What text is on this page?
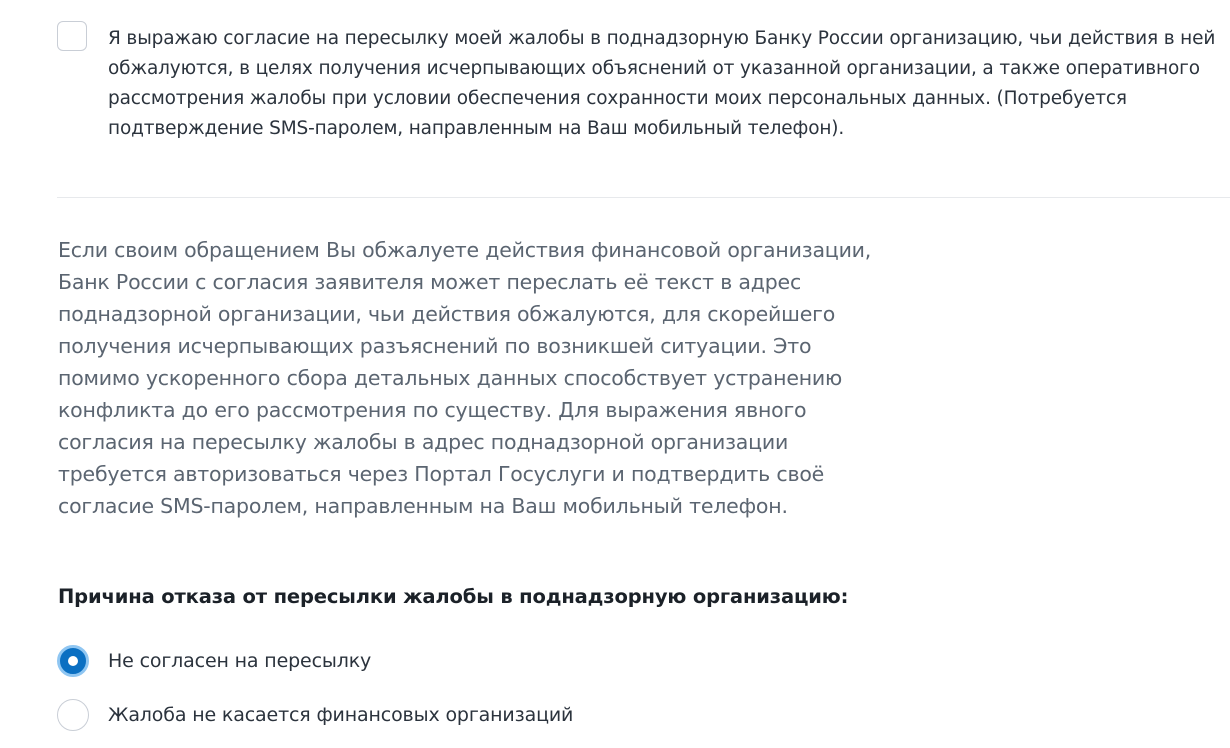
Я выражаю согласие на пересылку моей жалобы в поднадзорную Банку России организацию, чьи действия в ней обжалуются, в целях получения исчерпывающих объяснений от указанной организации, а также оперативного рассмотрения жалобы при условии обеспечения сохранности моих персональных данных. (Потребуется подтверждение SMS-паролем, направленным на Ваш мобильный телефон).
Если своим обращением Вы обжалуете действия финансовой организации, Банк России с согласия заявителя может переслать её текст в адрес поднадзорной организации, чьи действия обжалуются, для скорейшего получения исчерпывающих разъяснений по возникшей ситуации. Это помимо ускоренного сбора детальных данных способствует устранению конфликта до его рассмотрения по существу. Для выражения явного согласия на пересылку жалобы в адрес поднадзорной организации требуется авторизоваться через Портал Госуслуги и подтвердить своё согласие SMS-паролем, направленным на Ваш мобильный телефон.
Причина отказа от пересылки жалобы в поднадзорную организацию:
Не согласен на пересылку
Жалоба не касается финансовых организаций
